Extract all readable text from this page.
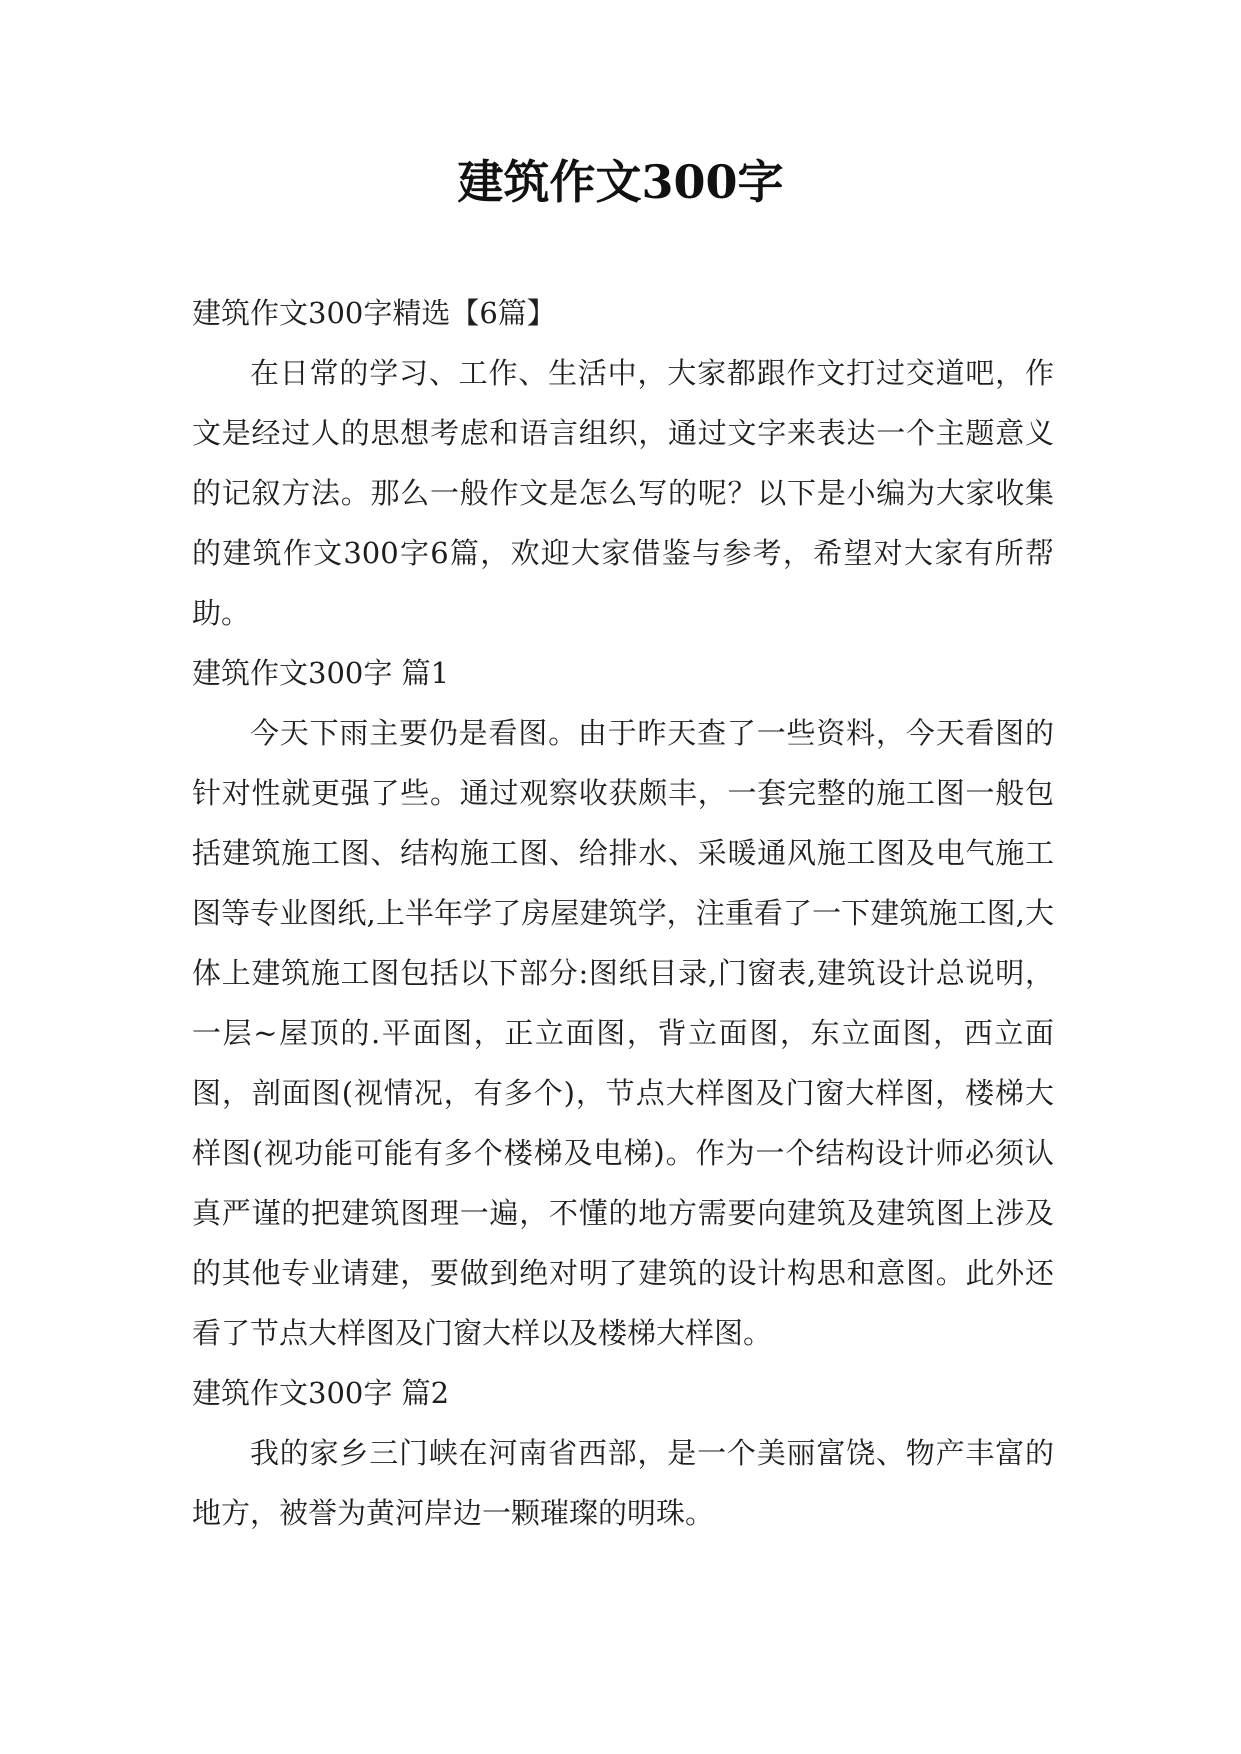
建筑作文300字

建筑作文300字精选【6篇】

在日常的学习、工作、生活中，大家都跟作文打过交道吧，作文是经过人的思想考虑和语言组织，通过文字来表达一个主题意义的记叙方法。那么一般作文是怎么写的呢？以下是小编为大家收集的建筑作文300字6篇，欢迎大家借鉴与参考，希望对大家有所帮助。

建筑作文300字 篇1

今天下雨主要仍是看图。由于昨天查了一些资料，今天看图的针对性就更强了些。通过观察收获颇丰，一套完整的施工图一般包括建筑施工图、结构施工图、给排水、采暖通风施工图及电气施工图等专业图纸,上半年学了房屋建筑学，注重看了一下建筑施工图,大体上建筑施工图包括以下部分:图纸目录,门窗表,建筑设计总说明，一层~屋顶的.平面图，正立面图，背立面图，东立面图，西立面图，剖面图(视情况，有多个)，节点大样图及门窗大样图，楼梯大样图(视功能可能有多个楼梯及电梯)。作为一个结构设计师必须认真严谨的把建筑图理一遍，不懂的地方需要向建筑及建筑图上涉及的其他专业请建，要做到绝对明了建筑的设计构思和意图。此外还看了节点大样图及门窗大样以及楼梯大样图。

建筑作文300字 篇2

我的家乡三门峡在河南省西部，是一个美丽富饶、物产丰富的地方，被誉为黄河岸边一颗璀璨的明珠。
